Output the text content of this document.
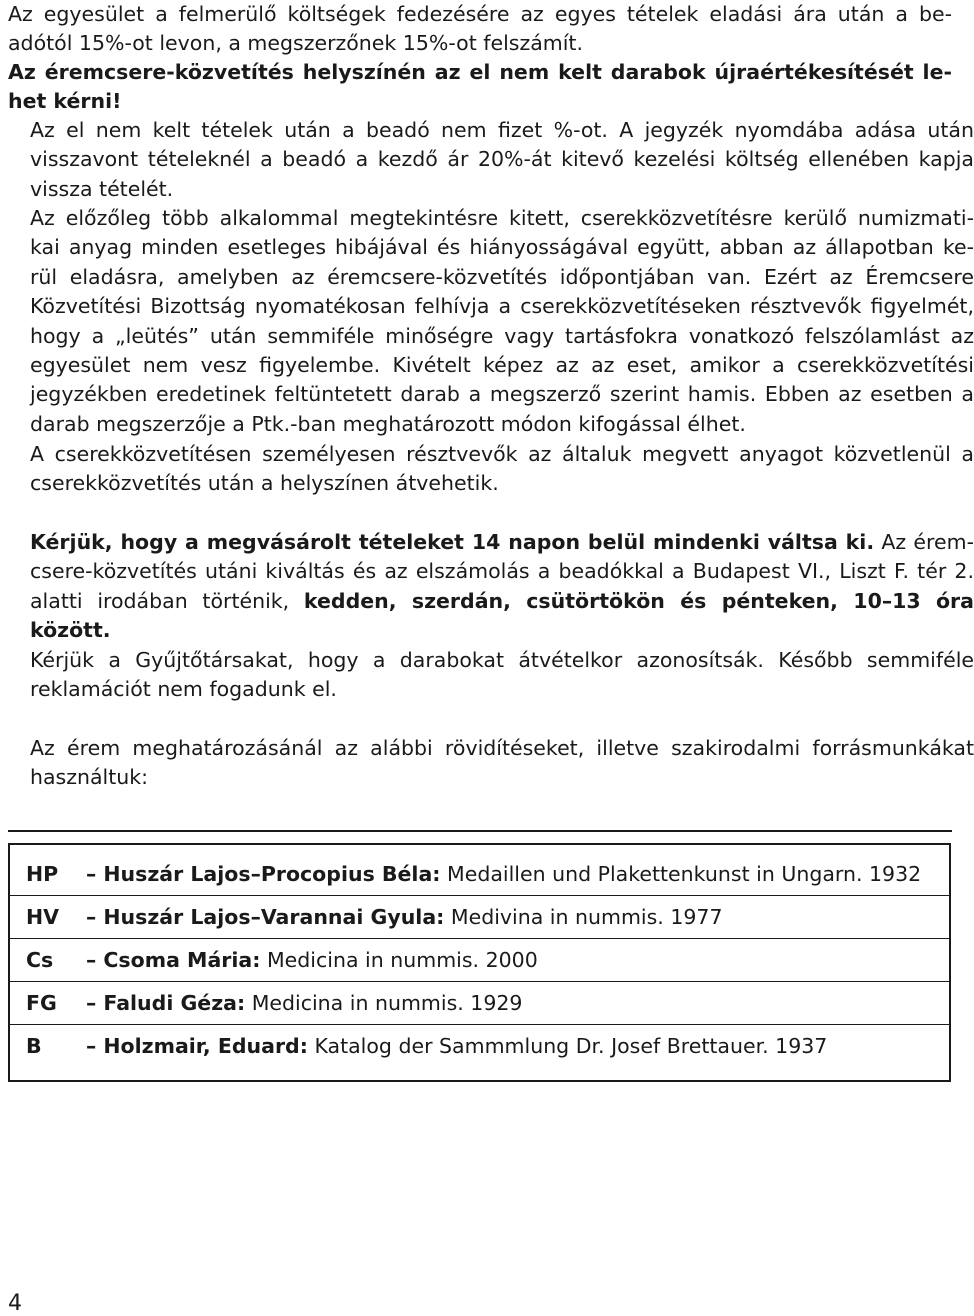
Az egyesület a felmerülő költségek fedezésére az egyes tételek eladási ára után a be- adótól 15%-ot levon, a megszerzőnek 15%-ot felszámít.

Az éremcsere-közvetítés helyszínén az el nem kelt darabok újraértékesítését le- het kérni!

Az el nem kelt tételek után a beadó nem fizet %-ot. A jegyzék nyomdába adása után visszavont tételeknél a beadó a kezdő ár 20%-át kitevő kezelési költség ellenében kapja vissza tételét.

Az előzőleg több alkalommal megtekintésre kitett, cserekközvetítésre kerülő numizmati- kai anyag minden esetleges hibájával és hiányosságával együtt, abban az állapotban ke- rül eladásra, amelyben az éremcsere-közvetítés időpontjában van. Ezért az Éremcsere Közvetítési Bizottság nyomatékosan felhívja a cserekközvetítéseken résztvevők figyelmét, hogy a „leütés” után semmiféle minőségre vagy tartásfokra vonatkozó felszólamlást az egyesület nem vesz figyelembe. Kivételt képez az az eset, amikor a cserekközvetítési jegyzékben eredetinek feltüntetett darab a megszerző szerint hamis. Ebben az esetben a darab megszerzője a Ptk.-ban meghatározott módon kifogással élhet.

A cserekközvetítésen személyesen résztvevők az általuk megvett anyagot közvetlenül a cserekközvetítés után a helyszínen átvehetik.

Kérjük, hogy a megvásárolt tételeket 14 napon belül mindenki váltsa ki. Az érem- csere-közvetítés utáni kiváltás és az elszámolás a beadókkal a Budapest VI., Liszt F. tér 2. alatti irodában történik, kedden, szerdán, csütörtökön és pénteken, 10–13 óra között.

Kérjük a Gyűjtőtársakat, hogy a darabokat átvételkor azonosítsák. Később semmiféle reklamációt nem fogadunk el.

Az érem meghatározásánál az alábbi rövidítéseket, illetve szakirodalmi forrásmunkákat használtuk:

HP – Huszár Lajos–Procopius Béla: Medaillen und Plakettenkunst in Ungarn. 1932
HV – Huszár Lajos–Varannai Gyula: Medivina in nummis. 1977
Cs – Csoma Mária: Medicina in nummis. 2000
FG – Faludi Géza: Medicina in nummis. 1929
B – Holzmair, Eduard: Katalog der Sammmlung Dr. Josef Brettauer. 1937
4
